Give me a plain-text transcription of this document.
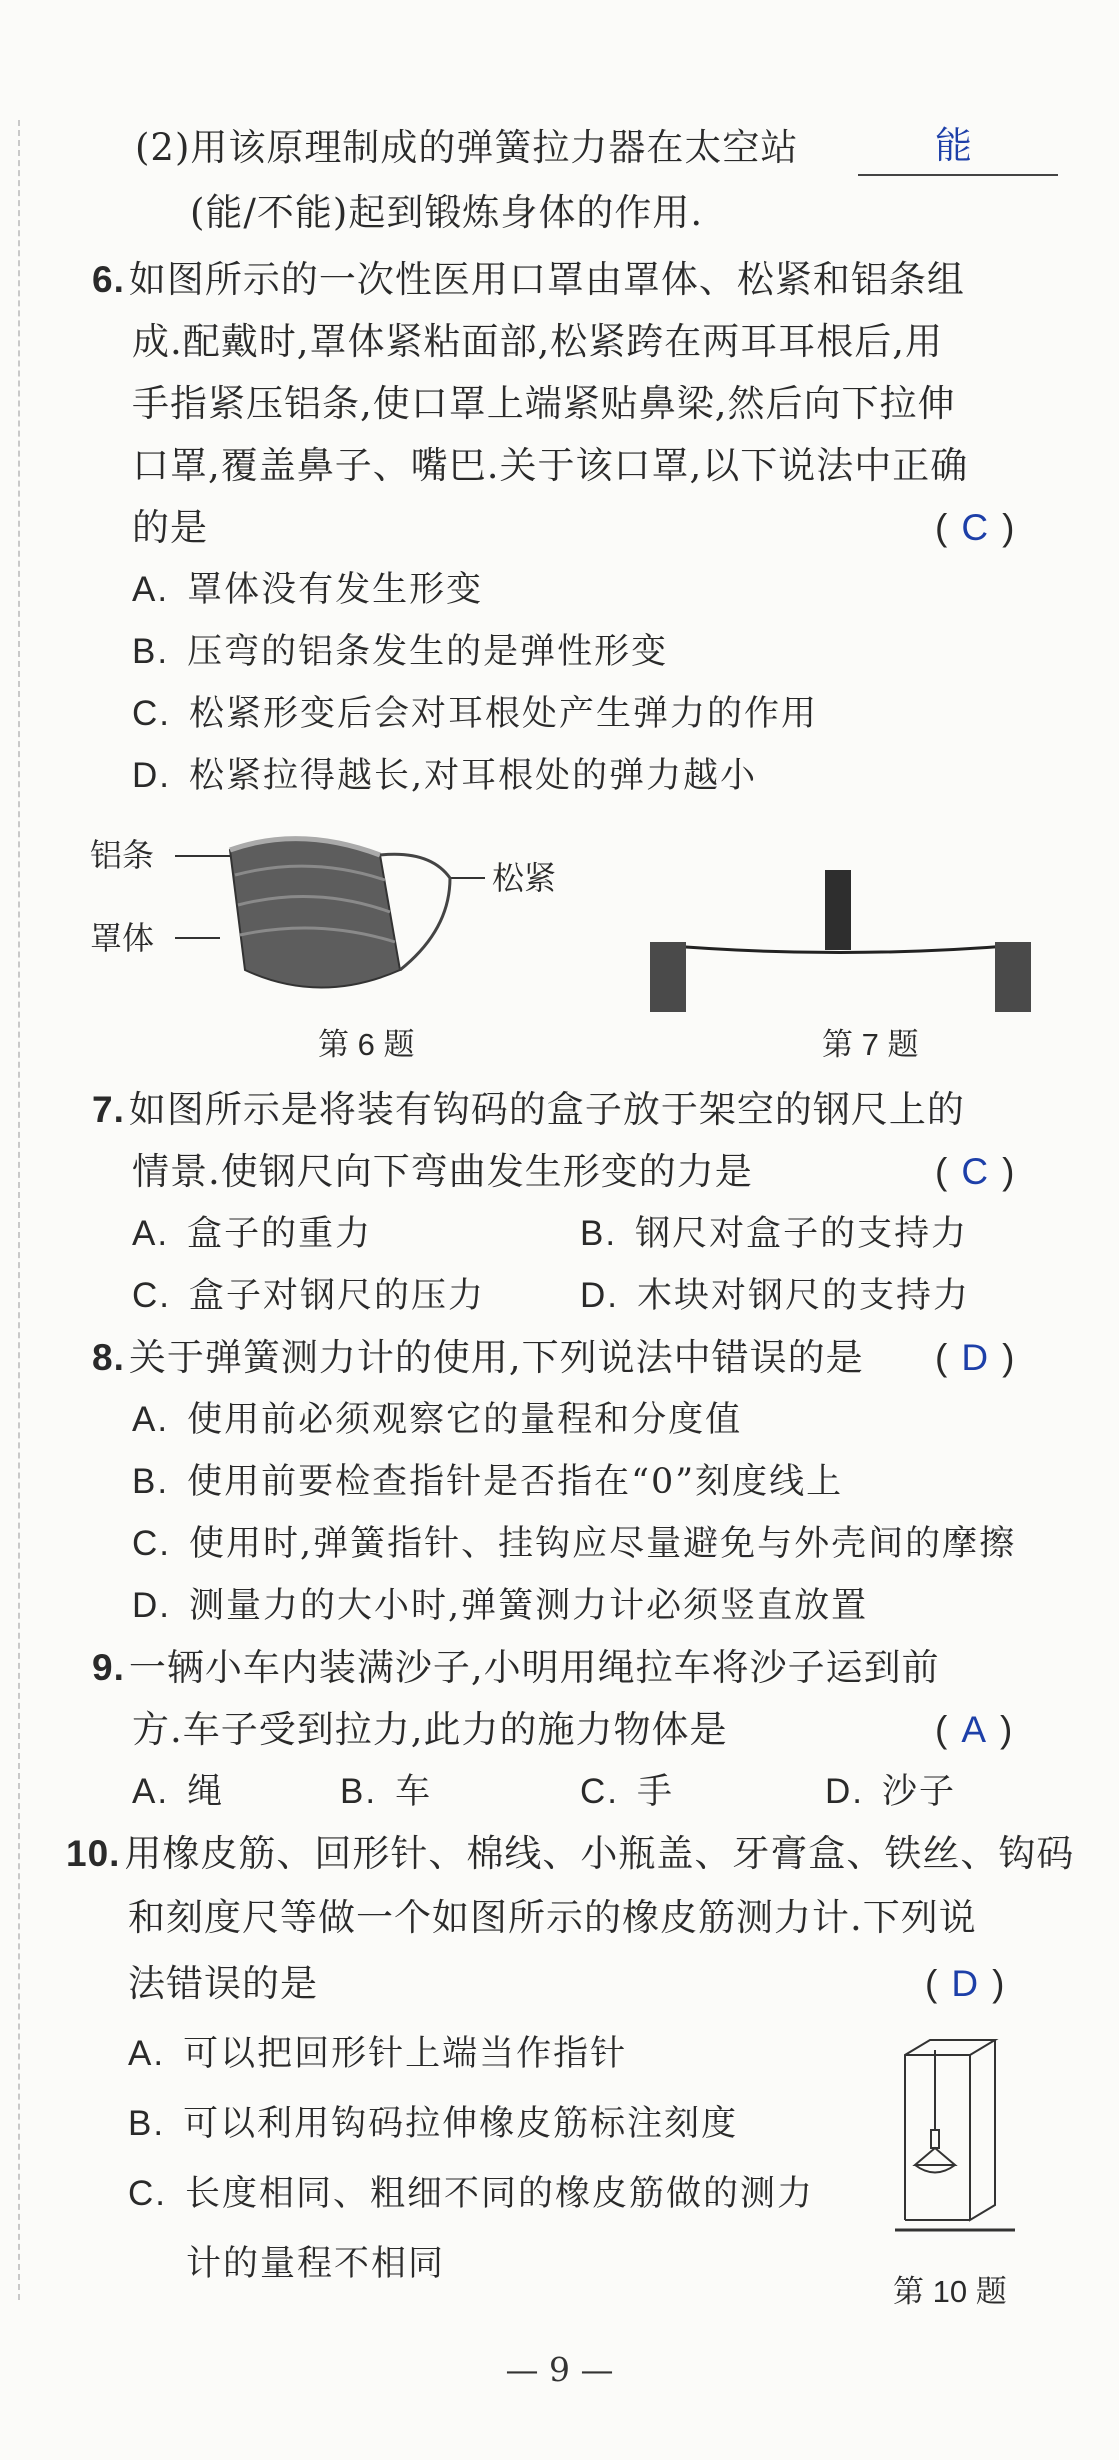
(2)用该原理制成的弹簧拉力器在太空站	能
(能/不能)起到锻炼身体的作用.
6. 如图所示的一次性医用口罩由罩体、松紧和铝条组
成.配戴时,罩体紧粘面部,松紧跨在两耳耳根后,用
手指紧压铝条,使口罩上端紧贴鼻梁,然后向下拉伸
口罩,覆盖鼻子、嘴巴.关于该口罩,以下说法中正确
的是	( C )
A. 罩体没有发生形变
B. 压弯的铝条发生的是弹性形变
C. 松紧形变后会对耳根处产生弹力的作用
D. 松紧拉得越长,对耳根处的弹力越小
铝条
松紧
罩体
第 6 题	第 7 题
7. 如图所示是将装有钩码的盒子放于架空的钢尺上的
情景.使钢尺向下弯曲发生形变的力是	( C )
A. 盒子的重力	B. 钢尺对盒子的支持力
C. 盒子对钢尺的压力	D. 木块对钢尺的支持力
8. 关于弹簧测力计的使用,下列说法中错误的是 ( D )
A. 使用前必须观察它的量程和分度值
B. 使用前要检查指针是否指在“0”刻度线上
C. 使用时,弹簧指针、挂钩应尽量避免与外壳间的摩擦
D. 测量力的大小时,弹簧测力计必须竖直放置
9. 一辆小车内装满沙子,小明用绳拉车将沙子运到前
方.车子受到拉力,此力的施力物体是	( A )
A. 绳	B. 车	C. 手	D. 沙子
10. 用橡皮筋、回形针、棉线、小瓶盖、牙膏盒、铁丝、钩码
和刻度尺等做一个如图所示的橡皮筋测力计.下列说
法错误的是	( D )
A. 可以把回形针上端当作指针
B. 可以利用钩码拉伸橡皮筋标注刻度
C. 长度相同、粗细不同的橡皮筋做的测力
计的量程不相同
第 10 题
— 9 —
